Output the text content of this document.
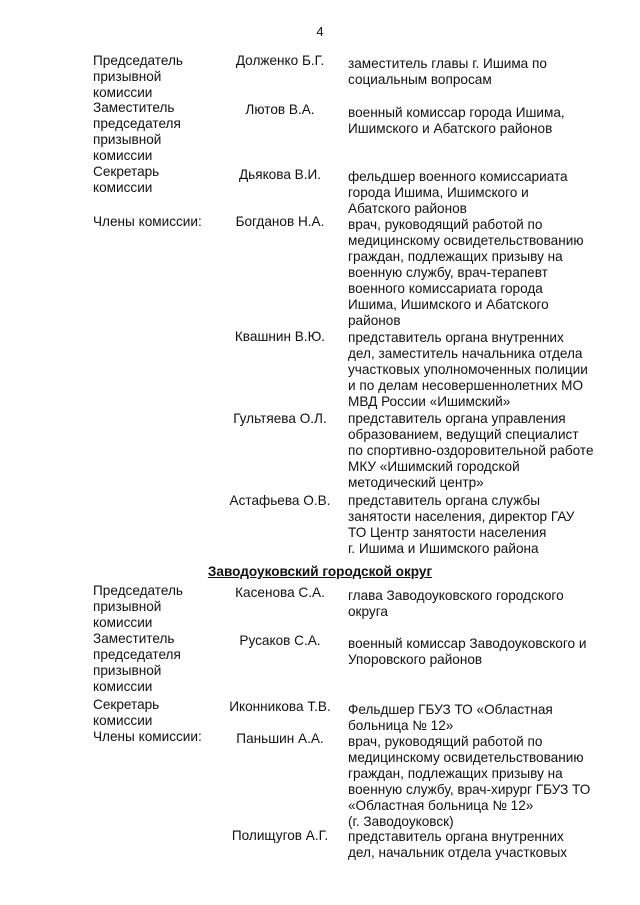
4
Председатель
призывной
комиссии
Долженко Б.Г.	заместитель главы г. Ишима по
социальным вопросам
Заместитель
председателя
призывной
комиссии
Лютов В.А.	военный комиссар города Ишима,
Ишимского и Абатского районов
Секретарь
комиссии
Дьякова В.И.	фельдшер военного комиссариата
города Ишима, Ишимского и
Абатского районов
Члены комиссии:	Богданов Н.А.	врач, руководящий работой по
медицинскому освидетельствованию
граждан, подлежащих призыву на
военную службу, врач-терапевт
военного комиссариата города
Ишима, Ишимского и Абатского
районов
Квашнин В.Ю.	представитель органа внутренних
дел, заместитель начальника отдела
участковых уполномоченных полиции
и по делам несовершеннолетних МО
МВД России «Ишимский»
Гультяева О.Л.	представитель органа управления
образованием, ведущий специалист
по спортивно-оздоровительной работе
МКУ «Ишимский городской
методический центр»
Астафьева О.В.	представитель органа службы
занятости населения, директор ГАУ
ТО Центр занятости населения
г. Ишима и Ишимского района
Заводоуковский городской округ
Председатель
призывной
комиссии
Касенова С.А.	глава Заводоуковского городского
округа
Заместитель
председателя
призывной
комиссии
Русаков С.А.	военный комиссар Заводоуковского и
Упоровского районов
Секретарь
комиссии
Иконникова Т.В.	Фельдшер ГБУЗ ТО «Областная
больница № 12»
Члены комиссии:	Паньшин А.А.	врач, руководящий работой по
медицинскому освидетельствованию
граждан, подлежащих призыву на
военную службу, врач-хирург ГБУЗ ТО
«Областная больница № 12»
(г. Заводоуковск)
Полищугов А.Г.	представитель органа внутренних
дел, начальник отдела участковых
